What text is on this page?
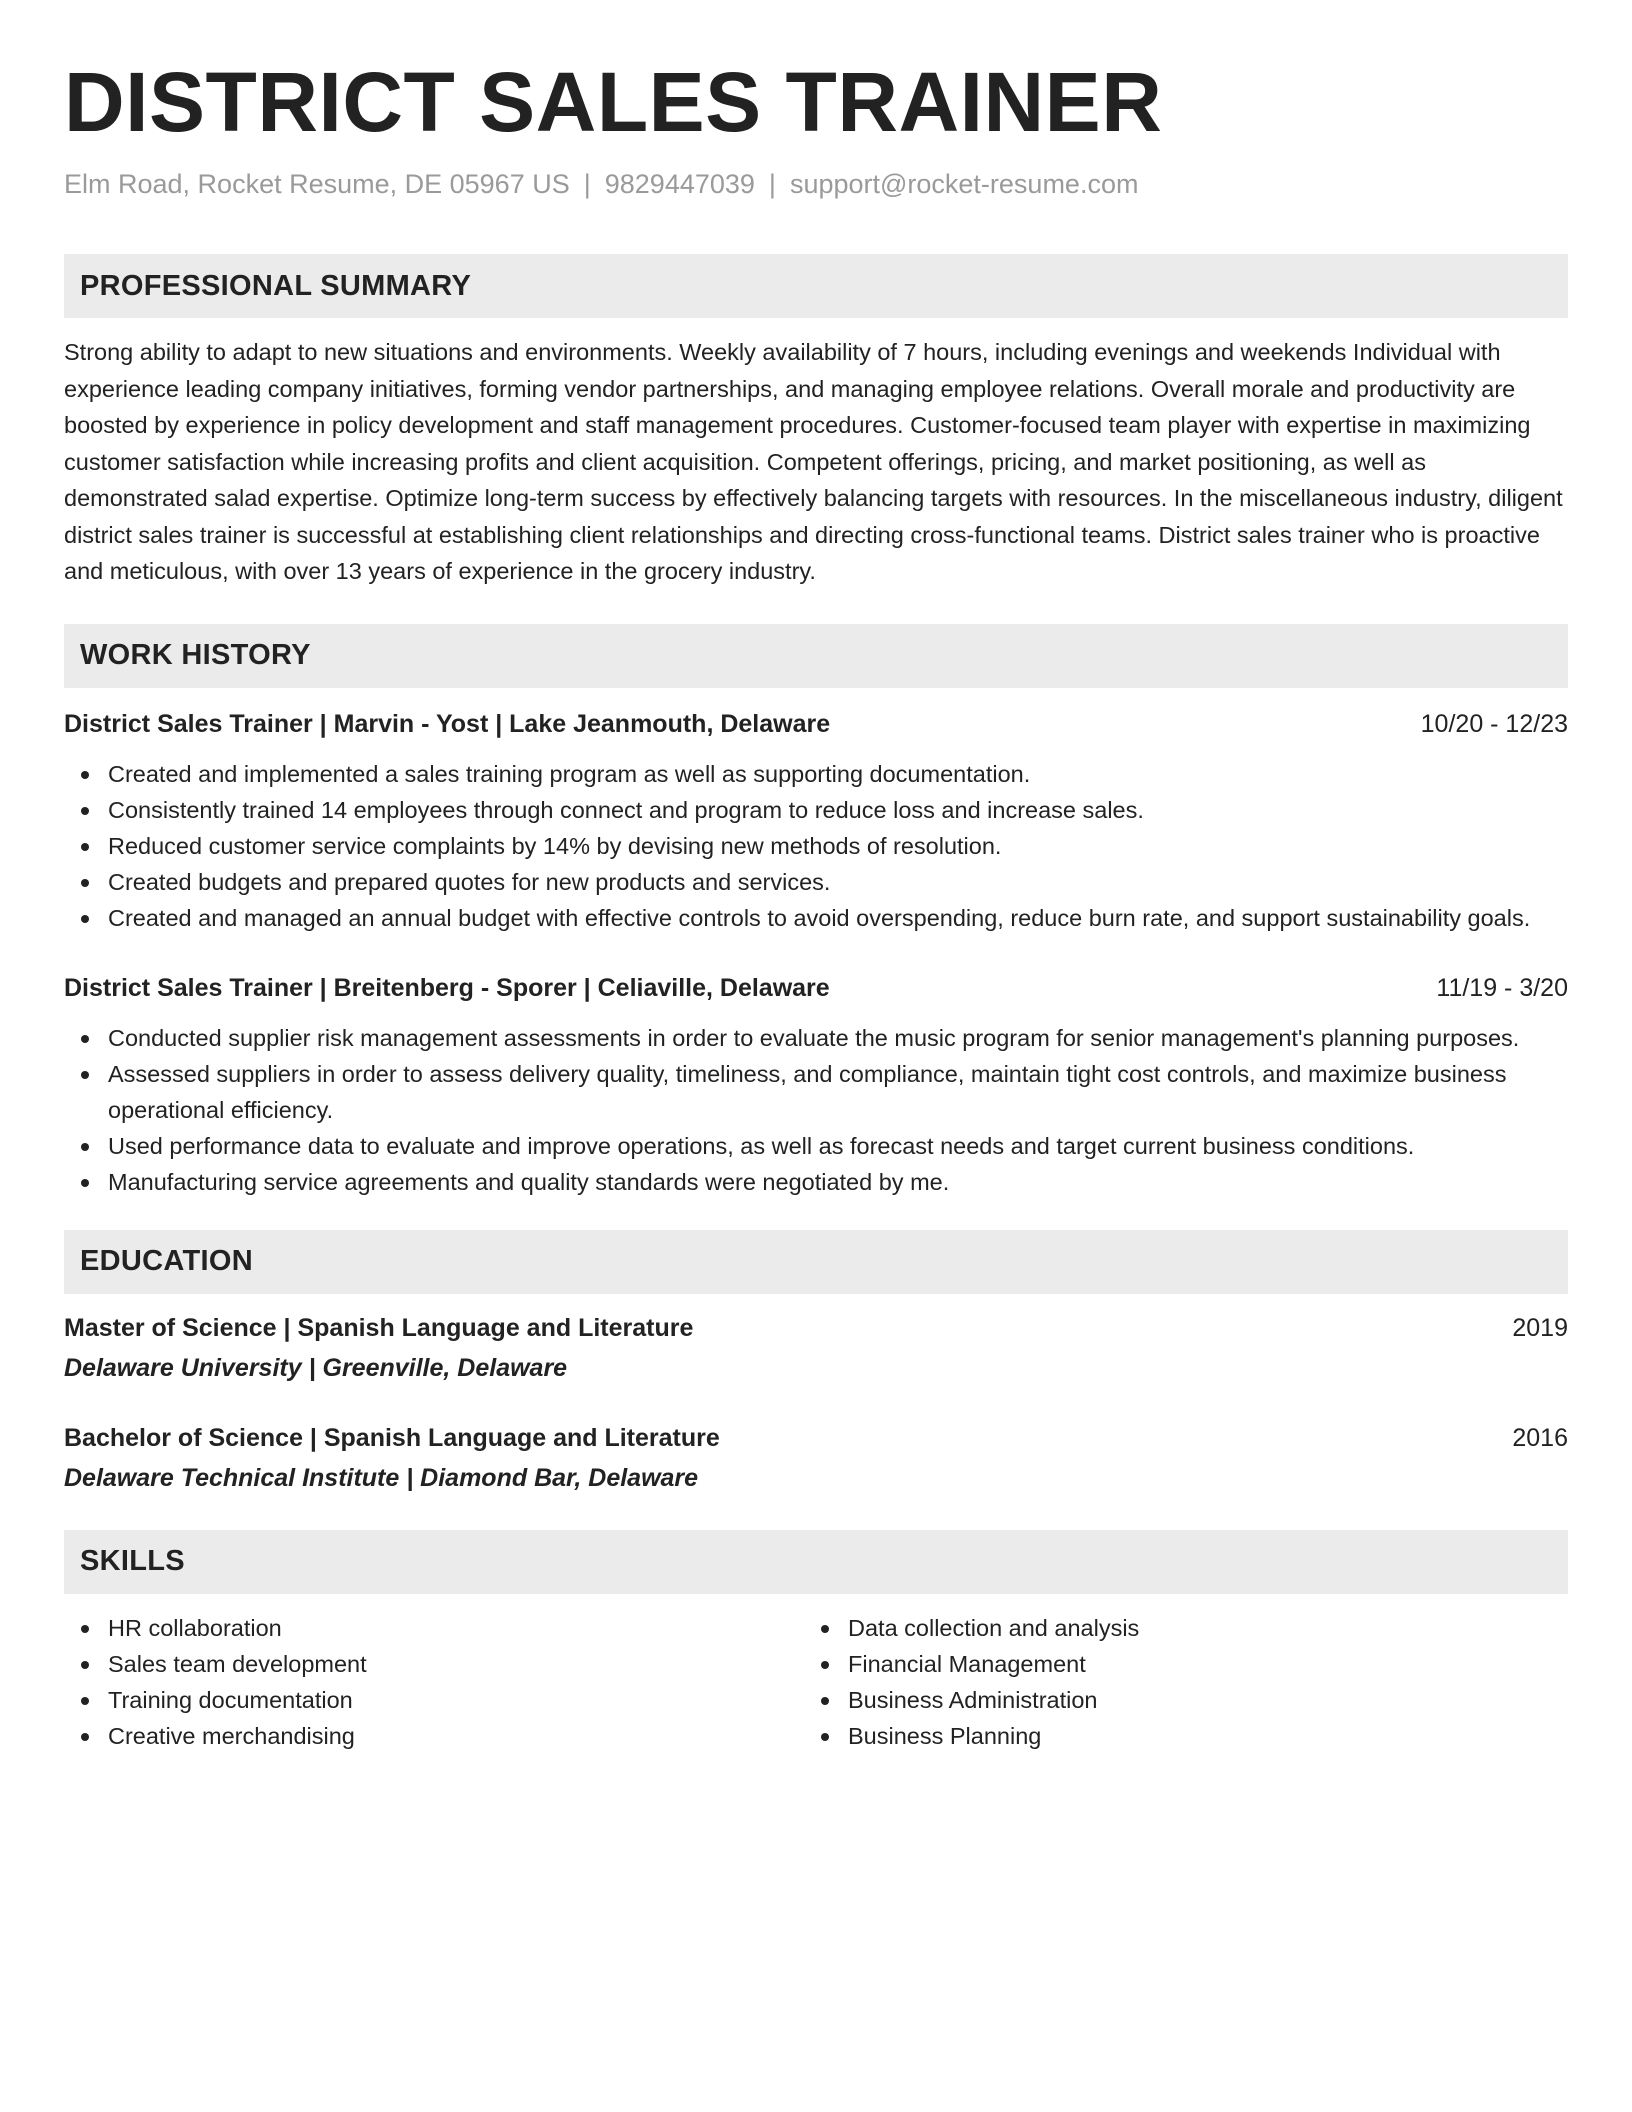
DISTRICT SALES TRAINER
Elm Road, Rocket Resume, DE 05967 US | 9829447039 | support@rocket-resume.com
PROFESSIONAL SUMMARY
Strong ability to adapt to new situations and environments. Weekly availability of 7 hours, including evenings and weekends Individual with experience leading company initiatives, forming vendor partnerships, and managing employee relations. Overall morale and productivity are boosted by experience in policy development and staff management procedures. Customer-focused team player with expertise in maximizing customer satisfaction while increasing profits and client acquisition. Competent offerings, pricing, and market positioning, as well as demonstrated salad expertise. Optimize long-term success by effectively balancing targets with resources. In the miscellaneous industry, diligent district sales trainer is successful at establishing client relationships and directing cross-functional teams. District sales trainer who is proactive and meticulous, with over 13 years of experience in the grocery industry.
WORK HISTORY
District Sales Trainer | Marvin - Yost | Lake Jeanmouth, Delaware	10/20 - 12/23
Created and implemented a sales training program as well as supporting documentation.
Consistently trained 14 employees through connect and program to reduce loss and increase sales.
Reduced customer service complaints by 14% by devising new methods of resolution.
Created budgets and prepared quotes for new products and services.
Created and managed an annual budget with effective controls to avoid overspending, reduce burn rate, and support sustainability goals.
District Sales Trainer | Breitenberg - Sporer | Celiaville, Delaware	11/19 - 3/20
Conducted supplier risk management assessments in order to evaluate the music program for senior management's planning purposes.
Assessed suppliers in order to assess delivery quality, timeliness, and compliance, maintain tight cost controls, and maximize business operational efficiency.
Used performance data to evaluate and improve operations, as well as forecast needs and target current business conditions.
Manufacturing service agreements and quality standards were negotiated by me.
EDUCATION
Master of Science | Spanish Language and Literature	2019
Delaware University | Greenville, Delaware
Bachelor of Science | Spanish Language and Literature	2016
Delaware Technical Institute | Diamond Bar, Delaware
SKILLS
HR collaboration
Sales team development
Training documentation
Creative merchandising
Data collection and analysis
Financial Management
Business Administration
Business Planning
